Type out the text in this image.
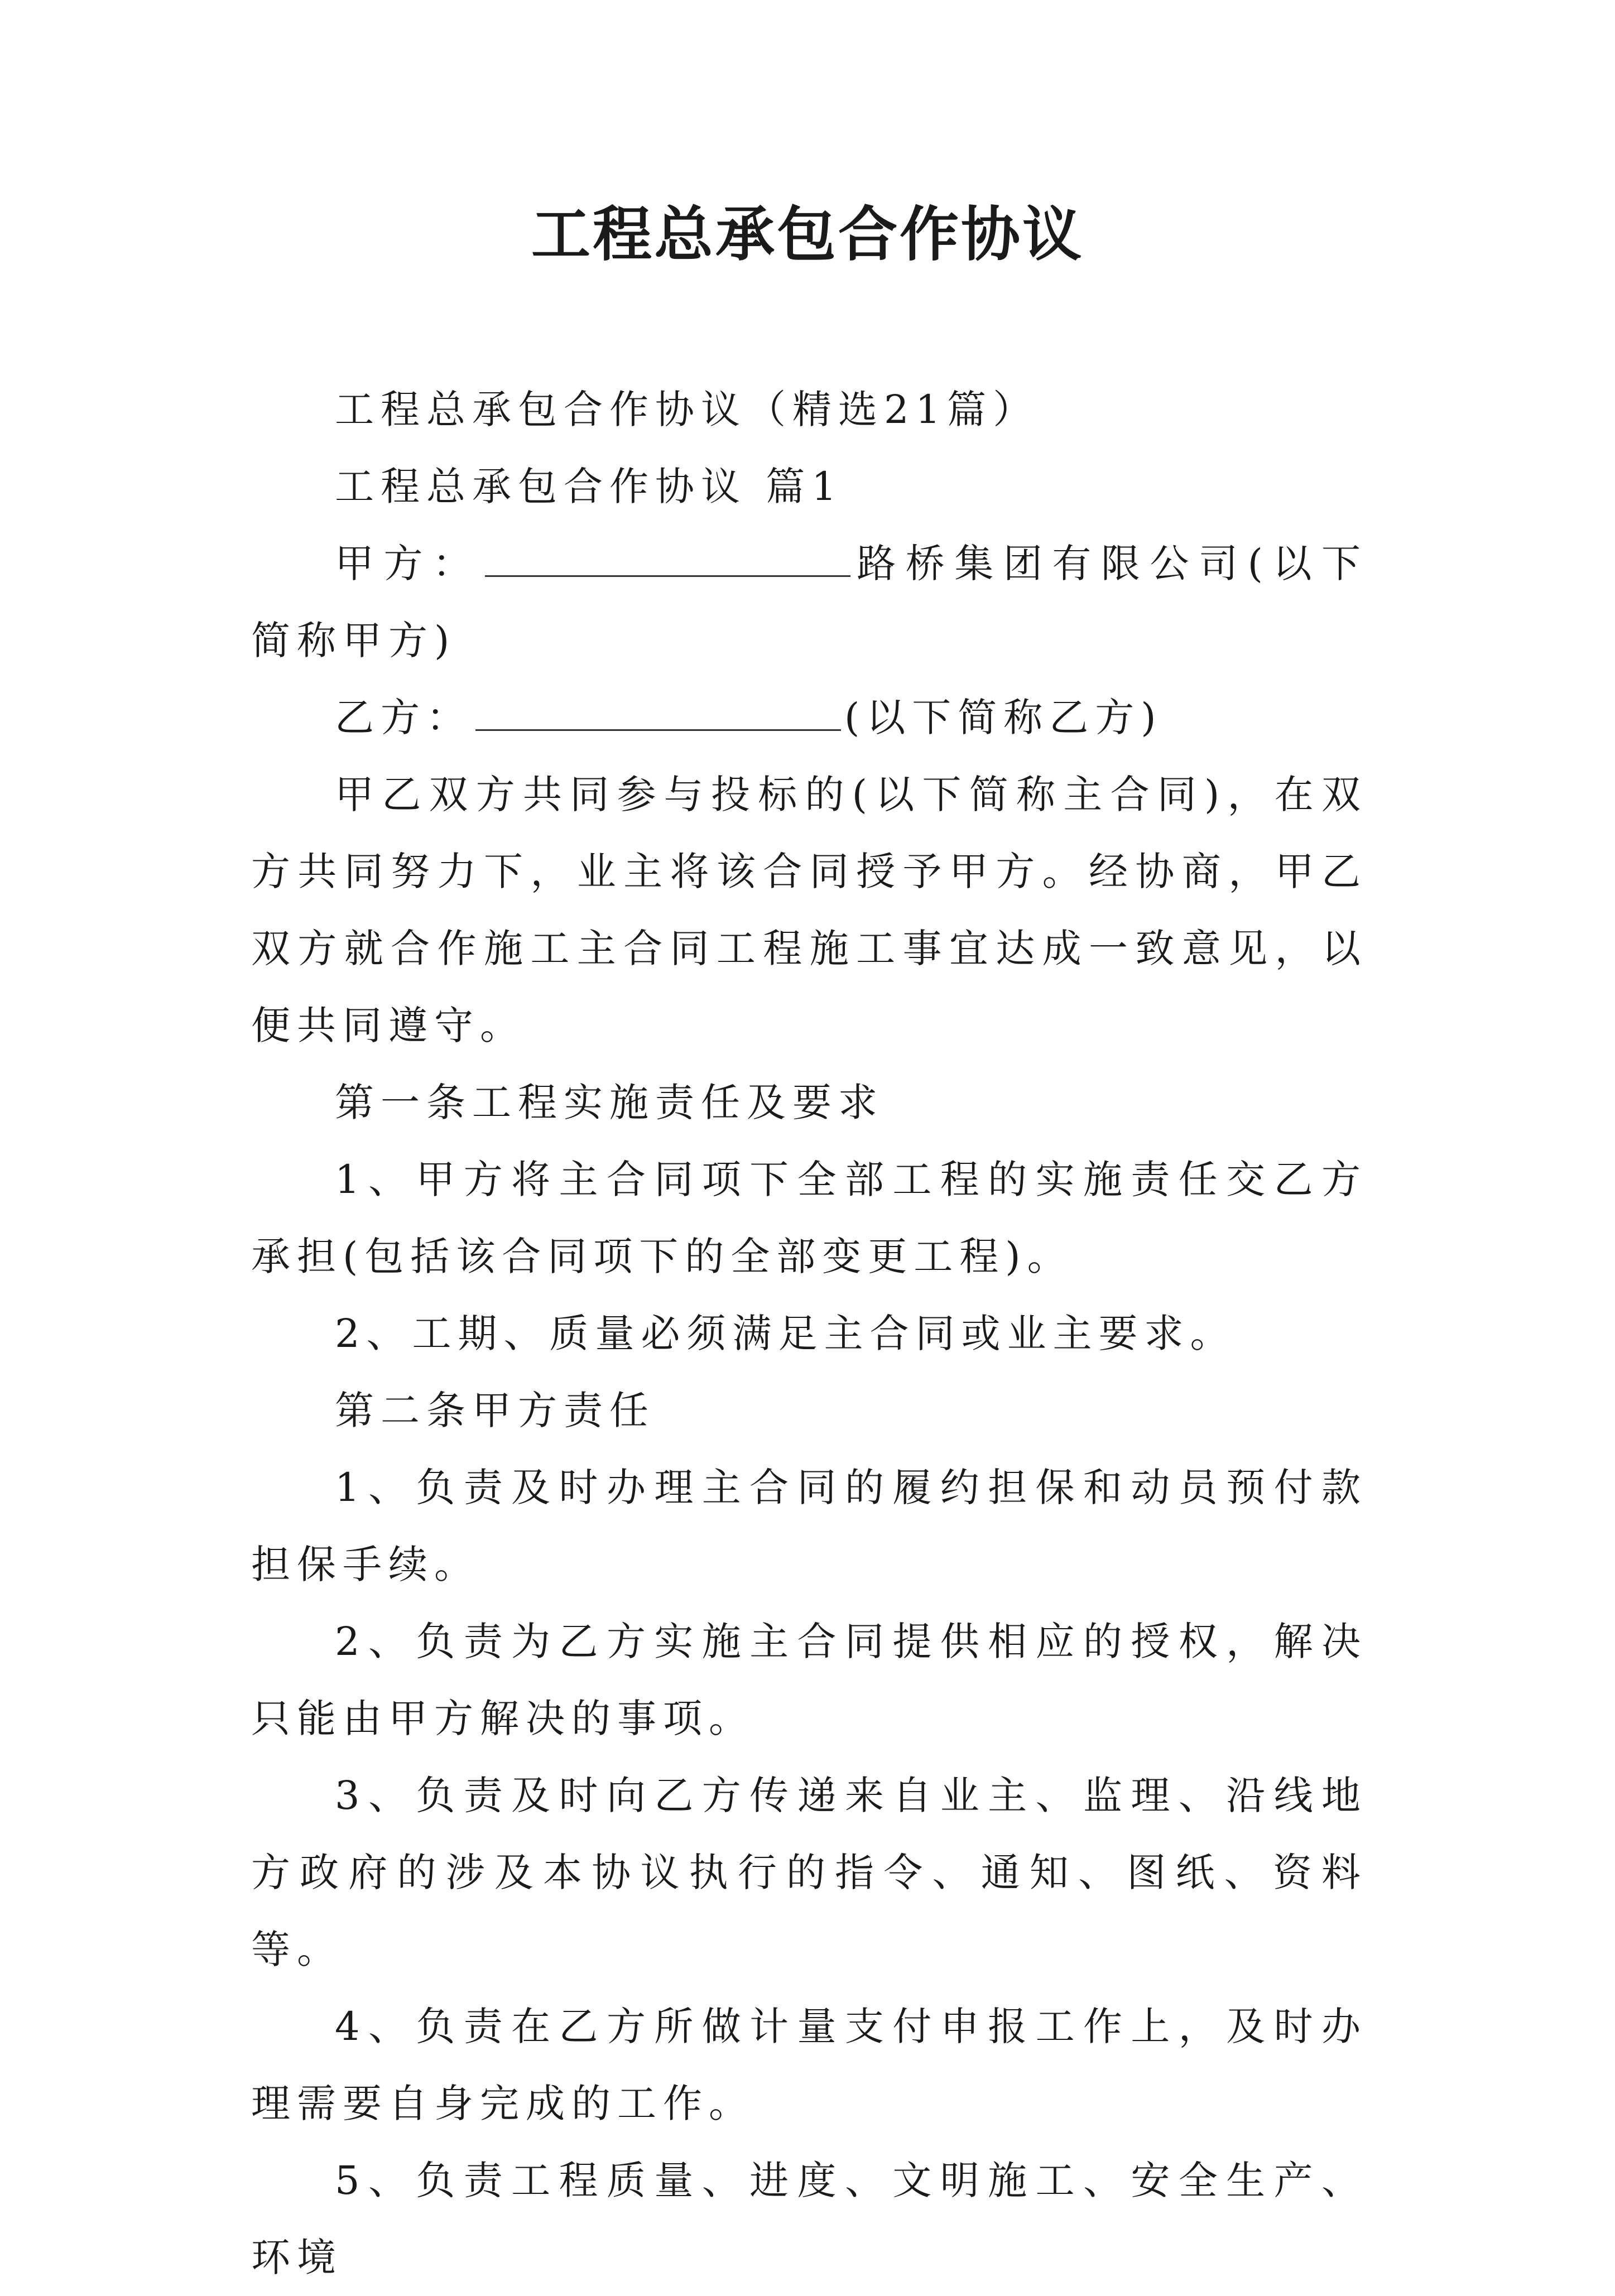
工程总承包合作协议

工程总承包合作协议（精选21篇）

工程总承包合作协议 篇1

甲方：	路桥集团有限公司(以下简称甲方)

乙方：	(以下简称乙方)

甲乙双方共同参与投标的(以下简称主合同)，在双方共同努力下，业主将该合同授予甲方。经协商，甲乙双方就合作施工主合同工程施工事宜达成一致意见，以便共同遵守。

第一条工程实施责任及要求

1、甲方将主合同项下全部工程的实施责任交乙方承担(包括该合同项下的全部变更工程)。

2、工期、质量必须满足主合同或业主要求。

第二条甲方责任

1、负责及时办理主合同的履约担保和动员预付款担保手续。

2、负责为乙方实施主合同提供相应的授权，解决只能由甲方解决的事项。

3、负责及时向乙方传递来自业主、监理、沿线地方政府的涉及本协议执行的指令、通知、图纸、资料等。

4、负责在乙方所做计量支付申报工作上，及时办理需要自身完成的工作。

5、负责工程质量、进度、文明施工、安全生产、环境
